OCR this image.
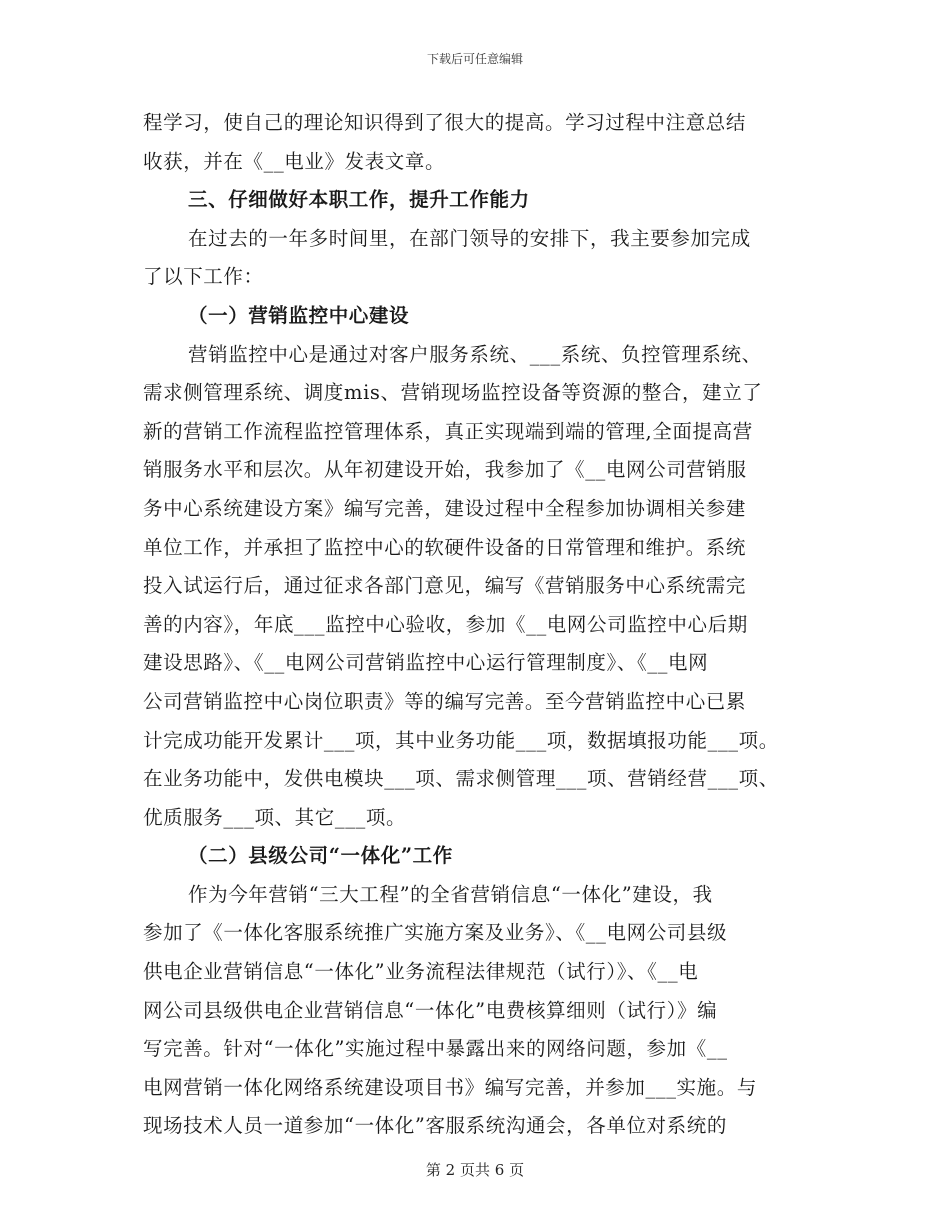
下载后可任意编辑
程学习，使自己的理论知识得到了很大的提高。学习过程中注意总结
收获，并在《__电业》发表文章。
三、仔细做好本职工作，提升工作能力
在过去的一年多时间里，在部门领导的安排下，我主要参加完成
了以下工作：
（一）营销监控中心建设
营销监控中心是通过对客户服务系统、___系统、负控管理系统、
需求侧管理系统、调度mis、营销现场监控设备等资源的整合，建立了
新的营销工作流程监控管理体系，真正实现端到端的管理,全面提高营
销服务水平和层次。从年初建设开始，我参加了《__电网公司营销服
务中心系统建设方案》编写完善，建设过程中全程参加协调相关参建
单位工作，并承担了监控中心的软硬件设备的日常管理和维护。系统
投入试运行后，通过征求各部门意见，编写《营销服务中心系统需完
善的内容》，年底___监控中心验收，参加《__电网公司监控中心后期
建设思路》、《__电网公司营销监控中心运行管理制度》、《__电网
公司营销监控中心岗位职责》等的编写完善。至今营销监控中心已累
计完成功能开发累计___项，其中业务功能___项，数据填报功能___项。
在业务功能中，发供电模块___项、需求侧管理___项、营销经营___项、
优质服务___项、其它___项。
（二）县级公司“一体化”工作
作为今年营销“三大工程”的全省营销信息“一体化”建设，我
参加了《一体化客服系统推广实施方案及业务》、《__电网公司县级
供电企业营销信息“一体化”业务流程法律规范（试行）》、《__电
网公司县级供电企业营销信息“一体化”电费核算细则（试行）》编
写完善。针对“一体化”实施过程中暴露出来的网络问题，参加《__
电网营销一体化网络系统建设项目书》编写完善，并参加___实施。与
现场技术人员一道参加“一体化”客服系统沟通会，各单位对系统的
第 2 页共 6 页
